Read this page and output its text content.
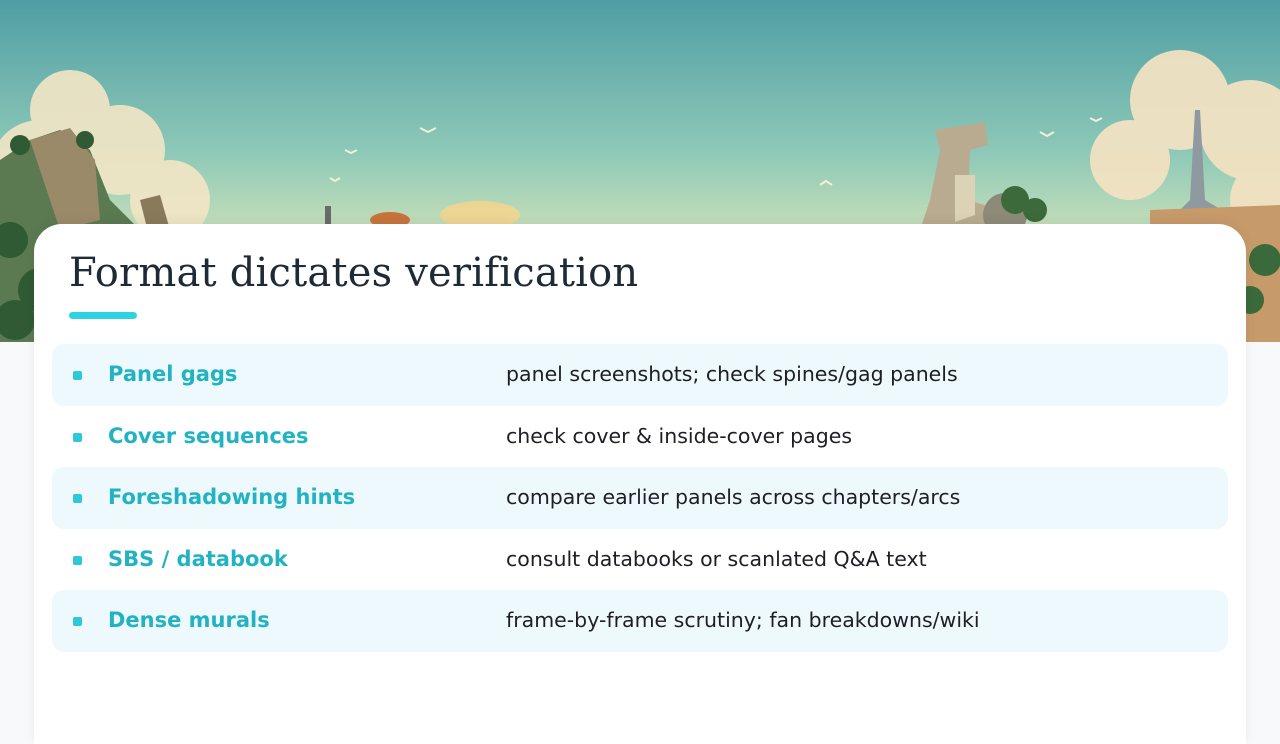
Format dictates verification
Panel gags	panel screenshots; check spines/gag panels
Cover sequences	check cover & inside-cover pages
Foreshadowing hints	compare earlier panels across chapters/arcs
SBS / databook	consult databooks or scanlated Q&A text
Dense murals	frame-by-frame scrutiny; fan breakdowns/wiki
